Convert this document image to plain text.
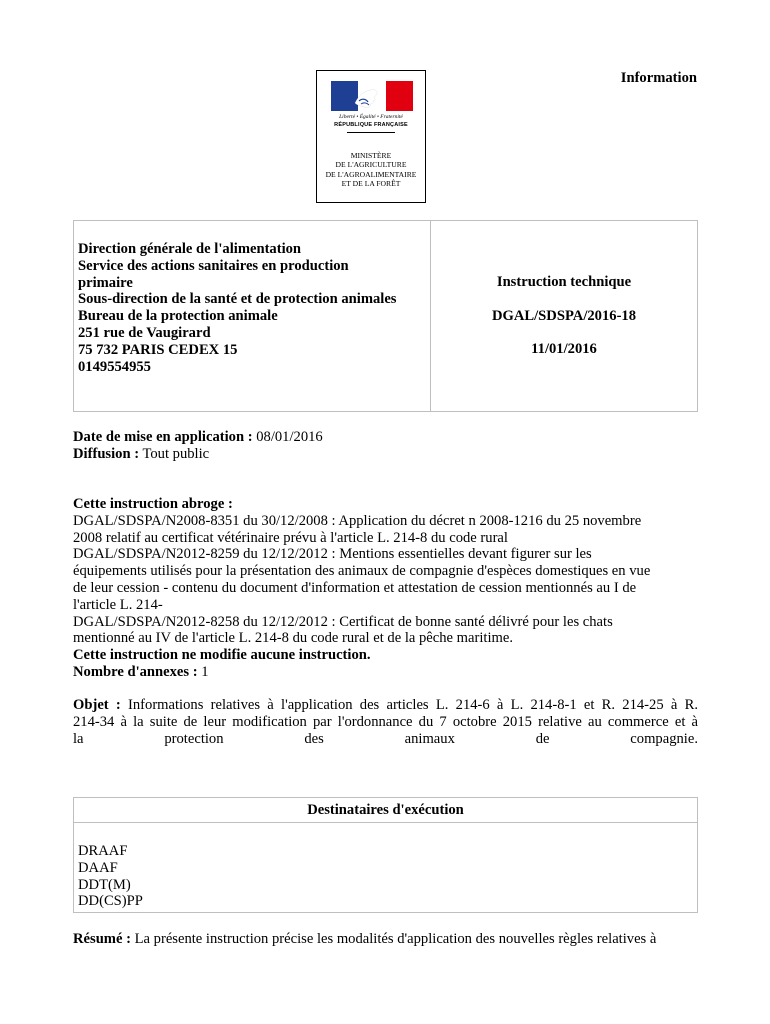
Information
Liberté • Égalité • Fraternité
RÉPUBLIQUE FRANÇAISE
MINISTÈRE
DE L'AGRICULTURE
DE L'AGROALIMENTAIRE
ET DE LA FORÊT
Direction générale de l'alimentation
Service des actions sanitaires en production
primaire
Sous-direction de la santé et de protection animales
Bureau de la protection animale
251 rue de Vaugirard
75 732 PARIS CEDEX 15
0149554955
Instruction technique
DGAL/SDSPA/2016-18
11/01/2016
Date de mise en application : 08/01/2016
Diffusion : Tout public
Cette instruction abroge :
DGAL/SDSPA/N2008-8351 du 30/12/2008 : Application du décret n 2008-1216 du 25 novembre
2008 relatif au certificat vétérinaire prévu à l'article L. 214-8 du code rural
DGAL/SDSPA/N2012-8259 du 12/12/2012 : Mentions essentielles devant figurer sur les
équipements utilisés pour la présentation des animaux de compagnie d'espèces domestiques en vue
de leur cession - contenu du document d'information et attestation de cession mentionnés au I de
l'article L. 214-
DGAL/SDSPA/N2012-8258 du 12/12/2012 : Certificat de bonne santé délivré pour les chats
mentionné au IV de l'article L. 214-8 du code rural et de la pêche maritime.
Cette instruction ne modifie aucune instruction.
Nombre d'annexes : 1
Objet : Informations relatives à l'application des articles L. 214-6 à L. 214-8-1 et R. 214-25 à R.
214-34 à la suite de leur modification par l'ordonnance du 7 octobre 2015 relative au commerce et à
la protection des animaux de compagnie.
Destinataires d'exécution
DRAAF
DAAF
DDT(M)
DD(CS)PP
Résumé : La présente instruction précise les modalités d'application des nouvelles règles relatives à
